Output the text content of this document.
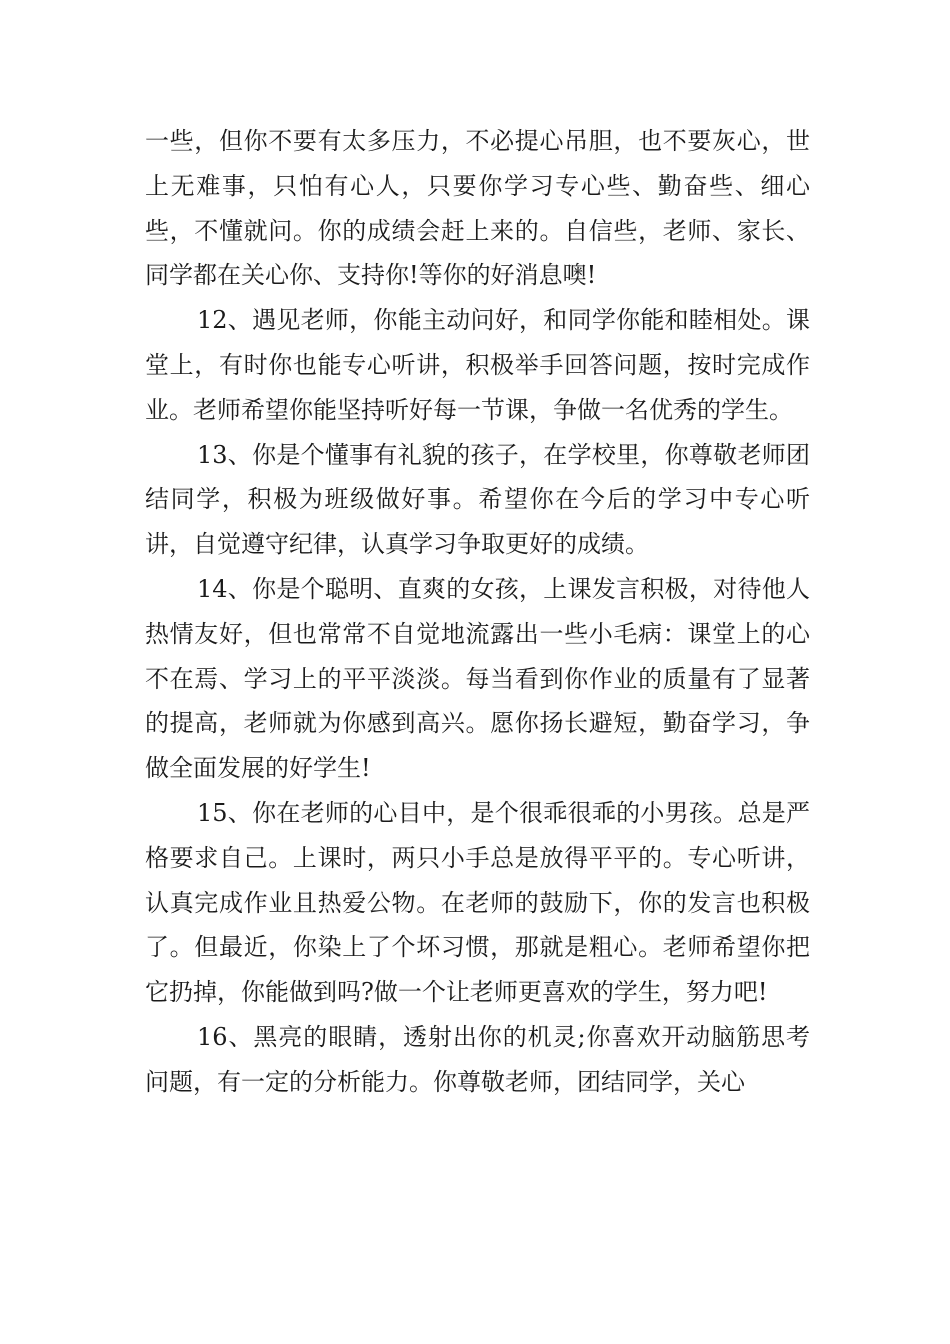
一些，但你不要有太多压力，不必提心吊胆，也不要灰心，世上无难事，只怕有心人，只要你学习专心些、勤奋些、细心些，不懂就问。你的成绩会赶上来的。自信些，老师、家长、同学都在关心你、支持你!等你的好消息噢!

12、遇见老师，你能主动问好，和同学你能和睦相处。课堂上，有时你也能专心听讲，积极举手回答问题，按时完成作业。老师希望你能坚持听好每一节课，争做一名优秀的学生。

13、你是个懂事有礼貌的孩子，在学校里，你尊敬老师团结同学，积极为班级做好事。希望你在今后的学习中专心听讲，自觉遵守纪律，认真学习争取更好的成绩。

14、你是个聪明、直爽的女孩，上课发言积极，对待他人热情友好，但也常常不自觉地流露出一些小毛病：课堂上的心不在焉、学习上的平平淡淡。每当看到你作业的质量有了显著的提高，老师就为你感到高兴。愿你扬长避短，勤奋学习，争做全面发展的好学生!

15、你在老师的心目中，是个很乖很乖的小男孩。总是严格要求自己。上课时，两只小手总是放得平平的。专心听讲，认真完成作业且热爱公物。在老师的鼓励下，你的发言也积极了。但最近，你染上了个坏习惯，那就是粗心。老师希望你把它扔掉，你能做到吗?做一个让老师更喜欢的学生，努力吧!

16、黑亮的眼睛，透射出你的机灵;你喜欢开动脑筋思考问题，有一定的分析能力。你尊敬老师，团结同学，关心
